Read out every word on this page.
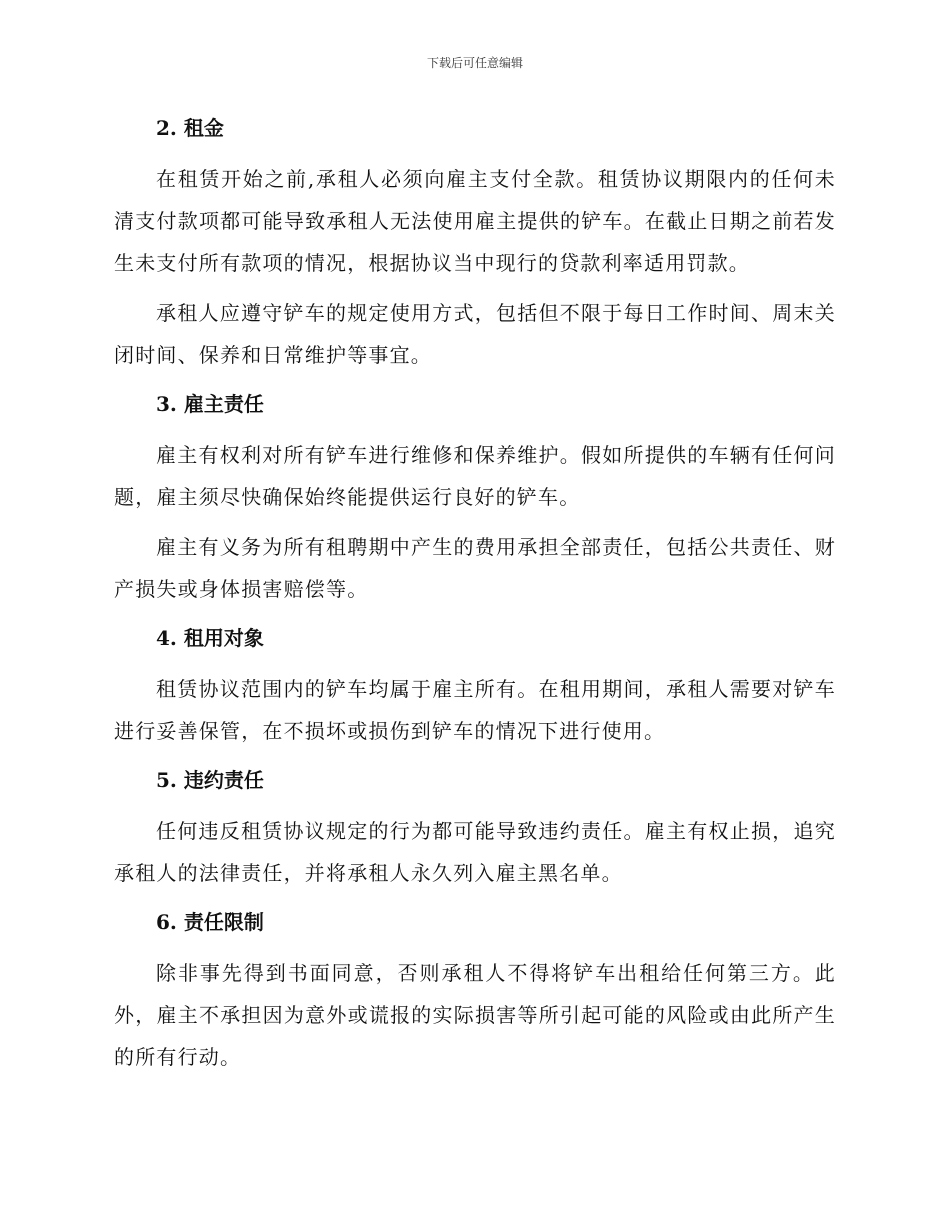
下载后可任意编辑
2. 租金

在租赁开始之前,承租人必须向雇主支付全款。租赁协议期限内的任何未清支付款项都可能导致承租人无法使用雇主提供的铲车。在截止日期之前若发生未支付所有款项的情况，根据协议当中现行的贷款利率适用罚款。

承租人应遵守铲车的规定使用方式，包括但不限于每日工作时间、周末关闭时间、保养和日常维护等事宜。

3. 雇主责任

雇主有权利对所有铲车进行维修和保养维护。假如所提供的车辆有任何问题，雇主须尽快确保始终能提供运行良好的铲车。

雇主有义务为所有租聘期中产生的费用承担全部责任，包括公共责任、财产损失或身体损害赔偿等。

4. 租用对象

租赁协议范围内的铲车均属于雇主所有。在租用期间，承租人需要对铲车进行妥善保管，在不损坏或损伤到铲车的情况下进行使用。

5. 违约责任

任何违反租赁协议规定的行为都可能导致违约责任。雇主有权止损，追究承租人的法律责任，并将承租人永久列入雇主黑名单。

6. 责任限制

除非事先得到书面同意，否则承租人不得将铲车出租给任何第三方。此外，雇主不承担因为意外或谎报的实际损害等所引起可能的风险或由此所产生的所有行动。
